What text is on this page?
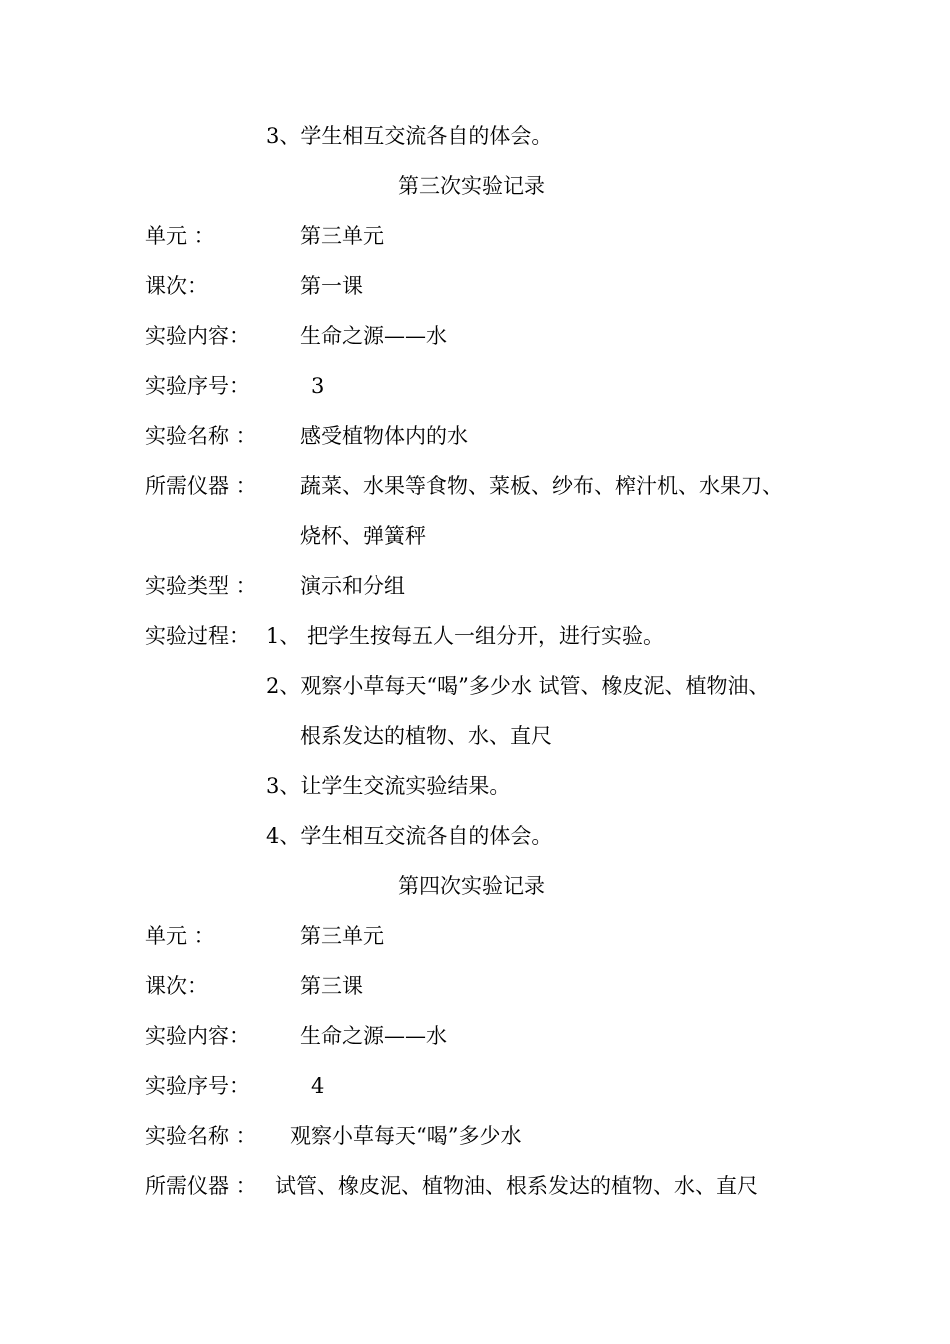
3、学生相互交流各自的体会。
第三次实验记录
单元 ：	第三单元
课次：	第一课
实验内容： 生命之源——水
实验序号：	3
实验名称 ： 感受植物体内的水
所需仪器 ： 蔬菜、水果等食物、菜板、纱布、榨汁机、水果刀、
烧杯、弹簧秤
实验类型 ： 演示和分组
实验过程： 1、 把学生按每五人一组分开，进行实验。
2、观察小草每天“喝”多少水 试管、橡皮泥、植物油、
根系发达的植物、水、直尺
3、让学生交流实验结果。
4、学生相互交流各自的体会。
第四次实验记录
单元 ：	第三单元
课次：	第三课
实验内容： 生命之源——水
实验序号：	4
实验名称 ： 观察小草每天“喝”多少水
所需仪器 ： 试管、橡皮泥、植物油、根系发达的植物、水、直尺
